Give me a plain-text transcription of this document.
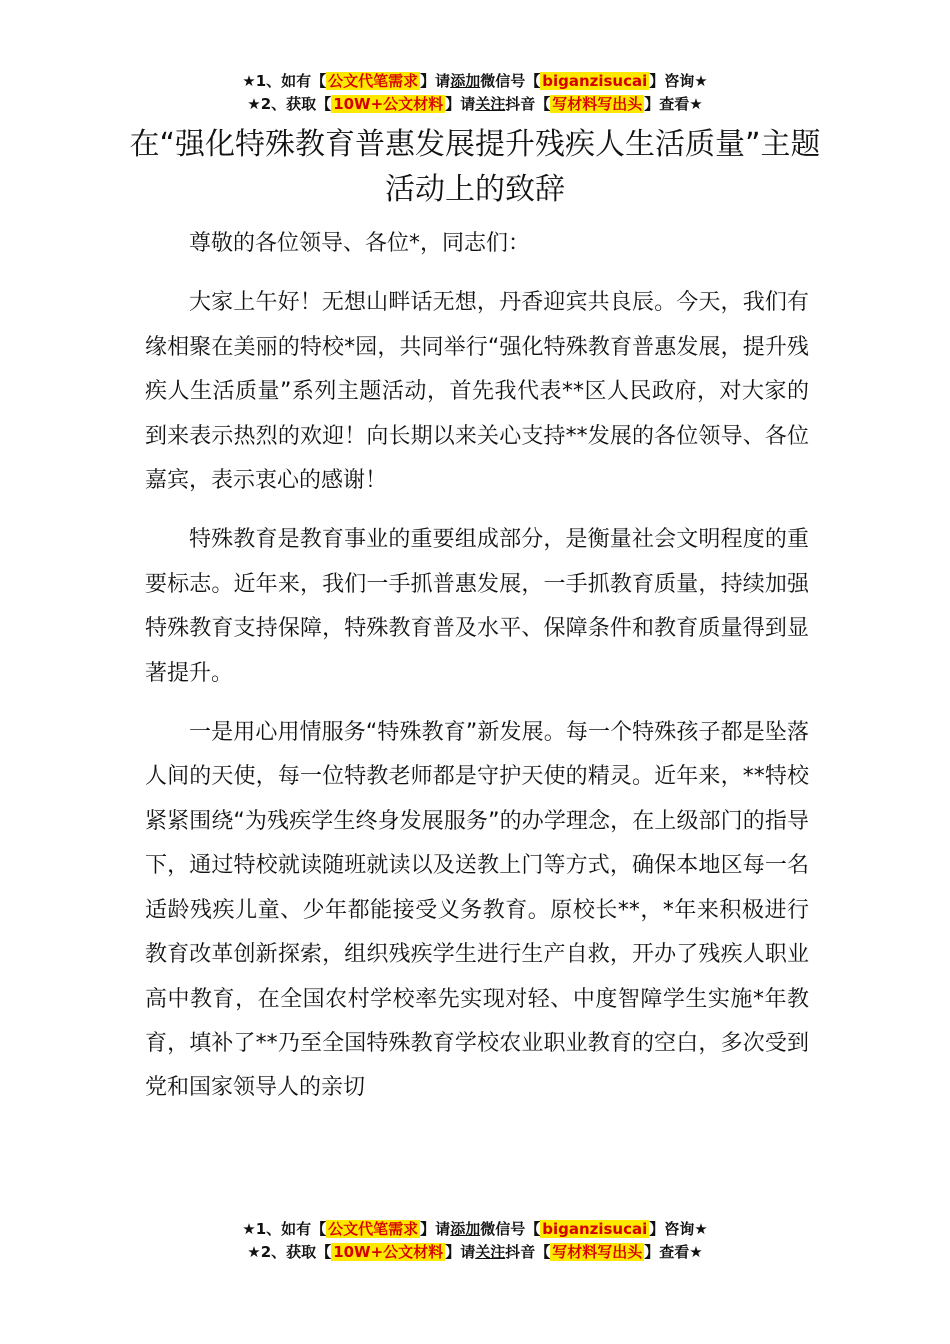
★1、如有【 公文代笔需求 】请添加微信号【 biganzisucai 】咨询★
★2、获取【 10W+公文材料 】请关注抖音【 写材料写出头 】查看★
在“强化特殊教育普惠发展提升残疾人生活质量”主题活动上的致辞

尊敬的各位领导、各位*，同志们：

大家上午好！无想山畔话无想，丹香迎宾共良辰。今天，我们有缘相聚在美丽的特校*园，共同举行“强化特殊教育普惠发展，提升残疾人生活质量”系列主题活动，首先我代表**区人民政府，对大家的到来表示热烈的欢迎！向长期以来关心支持**发展的各位领导、各位嘉宾，表示衷心的感谢！

特殊教育是教育事业的重要组成部分，是衡量社会文明程度的重要标志。近年来，我们一手抓普惠发展，一手抓教育质量，持续加强特殊教育支持保障，特殊教育普及水平、保障条件和教育质量得到显著提升。

一是用心用情服务“特殊教育”新发展。每一个特殊孩子都是坠落人间的天使，每一位特教老师都是守护天使的精灵。近年来，**特校紧紧围绕“为残疾学生终身发展服务”的办学理念，在上级部门的指导下，通过特校就读随班就读以及送教上门等方式，确保本地区每一名适龄残疾儿童、少年都能接受义务教育。原校长**，*年来积极进行教育改革创新探索，组织残疾学生进行生产自救，开办了残疾人职业高中教育，在全国农村学校率先实现对轻、中度智障学生实施*年教育，填补了**乃至全国特殊教育学校农业职业教育的空白，多次受到党和国家领导人的亲切

★1、如有【 公文代笔需求 】请添加微信号【 biganzisucai 】咨询★
★2、获取【 10W+公文材料 】请关注抖音【 写材料写出头 】查看★
